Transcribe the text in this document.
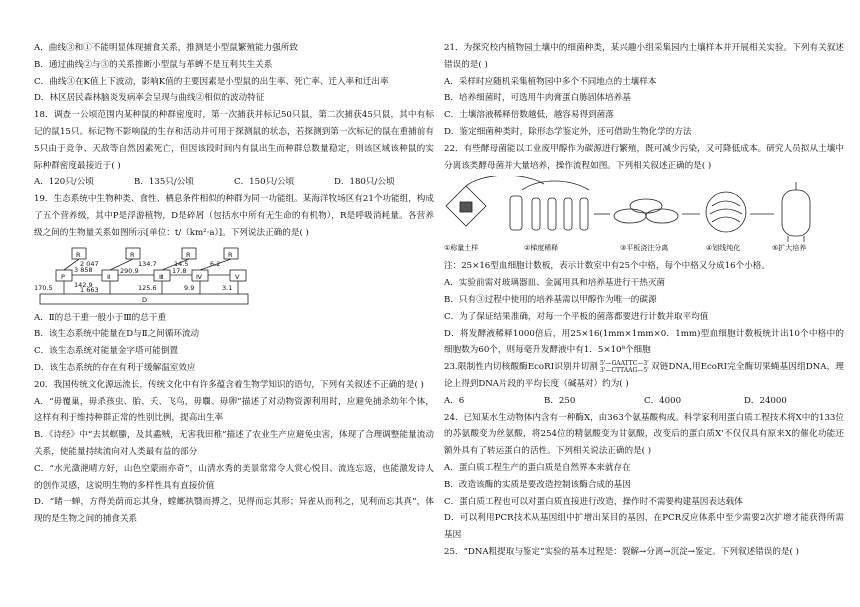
A．曲线③和①不能明显体现捕食关系，推测是小型鼠繁殖能力强所致

B．通过曲线②与③的关系推断小型鼠与革蜱不是互利共生关系

C．曲线③在K值上下波动，影响K值的主要因素是小型鼠的出生率、死亡率、迁入率和迁出率

D．林区居民森林脑炎发病率会呈现与曲线②相似的波动特征

18．调查一公顷范围内某种鼠的种群密度时，第一次捕获并标记50只鼠，第二次捕获45只鼠，其中有标记的鼠15只。标记物不影响鼠的生存和活动并可用于探测鼠的状态，若探测到第一次标记的鼠在重捕前有5只由于竞争、天敌等自然因素死亡，但因该段时间内有鼠出生而种群总数量稳定，则该区域该种鼠的实际种群密度最接近于( )

A．120只/公顷	B．135只/公顷	C．150只/公顷	D．180只/公顷

19．生态系统中生物种类、食性、栖息条件相似的种群为同一功能组。某海洋牧场区有21个功能组，构成了五个营养级，其中P是浮游植物，D是碎屑（包括水中所有无生命的有机物），R是呼吸消耗量。各营养级之间的生物量关系如图所示[单位：t/（km²·a）]。下列说法正确的是( )

R	R	R	R
P	Ⅱ	Ⅲ	Ⅳ	V
D
2 047
3 858	290.9
134.7	14.5	6.2
170.5	142.9
1 663
17.8
125.6	9.9	3.1

A．Ⅱ的总干重一般小于Ⅲ的总干重

B．该生态系统中能量在D与Ⅱ之间循环流动

C．该生态系统对能量金字塔可能倒置

D．该生态系统的存在有利于缓解温室效应

20．我国传统文化源远流长，传统文化中有许多蕴含着生物学知识的语句，下列有关叙述不正确的是( )

A．“毋覆巢，毋杀孩虫、胎、夭、飞鸟，毋麛、毋卵”描述了对动物资源利用时，应避免捕杀幼年个体，这样有利于维持种群正常的性别比例，提高出生率

B．《诗经》中“去其螟螣，及其蟊贼，无害我田稚”描述了农业生产应避免虫害，体现了合理调整能量流动关系，使能量持续流向对人类最有益的部分

C．“水光潋滟晴方好，山色空蒙雨亦奇”，山清水秀的美景常常令人赏心悦目、流连忘返，也能激发诗人的创作灵感，这说明生物的多样性具有直接价值

D．“睹一蝉，方得美荫而忘其身，螳螂执翳而搏之，见得而忘其形；异雀从而利之，见利而忘其真”，体现的是生物之间的捕食关系

21．为探究校内植物园土壤中的细菌种类，某兴趣小组采集园内土壤样本并开展相关实验。下列有关叙述错误的是( )

A．采样时应随机采集植物园中多个不同地点的土壤样本

B．培养细菌时，可选用牛肉膏蛋白胨固体培养基

C．土壤溶液稀释倍数越低，越容易得到菌落

D．鉴定细菌种类时，除形态学鉴定外，还可借助生物化学的方法

22．有些酵母菌能以工业废甲醇作为碳源进行繁殖，既可减少污染，又可降低成本。研究人员拟从土壤中分离该类酵母菌并大量培养，操作流程如图。下列相关叙述正确的是( )

①称量土样	②梯度稀释	③平板浇注分离	④划线纯化	⑤扩大培养

注：25×16型血细胞计数板，表示计数室中有25个中格，每个中格又分成16个小格。

A．实验前需对玻璃器皿、金属用具和培养基进行干热灭菌

B．只有③过程中使用的培养基需以甲醇作为唯一的碳源

C．为了保证结果准确，对每一个平板的菌落都要进行计数并取平均值

D．将发酵液稀释1000倍后，用25×16(1mm×1mm×0．1mm)型血细胞计数板统计出10个中格中的细胞数为60个，则每毫升发酵液中有1．5×10⁸个细胞

23.限制性内切核酸酶EcoRⅠ识别并切割 5'—GAATTC—3'
3'—CTTAAG—5' 双链DNA,用EcoRⅠ完全酶切果蝇基因组DNA，理论上得到DNA片段的平均长度（碱基对）约为( )

A．6	B．250	C．4000	D．24000

24．已知某水生动物体内含有一种酶X，由363个氨基酸构成。科学家利用蛋白质工程技术将X中的133位的苏氨酸变为丝氨酸，将254位的精氨酸变为甘氨酸，改变后的蛋白质X'不仅仅具有原来X的催化功能还额外具有了转运蛋白的活性。下列相关说法正确的是( )

A．蛋白质工程生产的蛋白质是自然界本来就存在

B．改造该酶的实质是要改造控制该酶合成的基因

C．蛋白质工程也可以对蛋白质直接进行改造，操作时不需要构建基因表达载体

D．可以利用PCR技术从基因组中扩增出某目的基因，在PCR反应体系中至少需要2次扩增才能获得所需基因

25．“DNA粗提取与鉴定”实验的基本过程是：裂解→分离→沉淀→鉴定。下列叙述错误的是( )
